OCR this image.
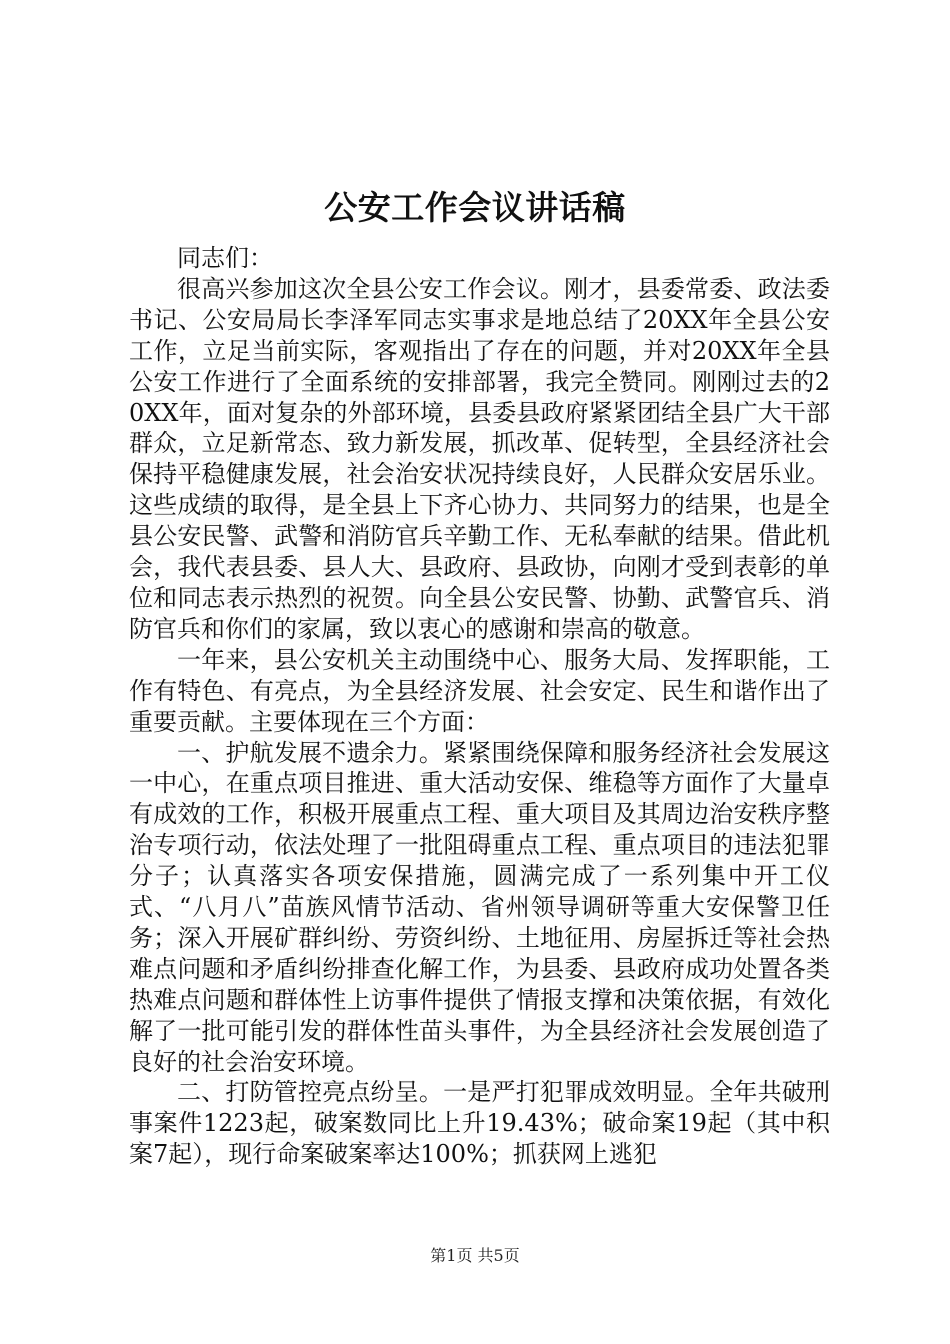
公安工作会议讲话稿

同志们：

很高兴参加这次全县公安工作会议。刚才，县委常委、政法委书记、公安局局长李泽军同志实事求是地总结了20XX年全县公安工作，立足当前实际，客观指出了存在的问题，并对20XX年全县公安工作进行了全面系统的安排部署，我完全赞同。刚刚过去的20XX年，面对复杂的外部环境，县委县政府紧紧团结全县广大干部群众，立足新常态、致力新发展，抓改革、促转型，全县经济社会保持平稳健康发展，社会治安状况持续良好，人民群众安居乐业。这些成绩的取得，是全县上下齐心协力、共同努力的结果，也是全县公安民警、武警和消防官兵辛勤工作、无私奉献的结果。借此机会，我代表县委、县人大、县政府、县政协，向刚才受到表彰的单位和同志表示热烈的祝贺。向全县公安民警、协勤、武警官兵、消防官兵和你们的家属，致以衷心的感谢和崇高的敬意。

一年来，县公安机关主动围绕中心、服务大局、发挥职能，工作有特色、有亮点，为全县经济发展、社会安定、民生和谐作出了重要贡献。主要体现在三个方面：

一、护航发展不遗余力。紧紧围绕保障和服务经济社会发展这一中心，在重点项目推进、重大活动安保、维稳等方面作了大量卓有成效的工作，积极开展重点工程、重大项目及其周边治安秩序整治专项行动，依法处理了一批阻碍重点工程、重点项目的违法犯罪分子；认真落实各项安保措施，圆满完成了一系列集中开工仪式、“八月八”苗族风情节活动、省州领导调研等重大安保警卫任务；深入开展矿群纠纷、劳资纠纷、土地征用、房屋拆迁等社会热难点问题和矛盾纠纷排查化解工作，为县委、县政府成功处置各类热难点问题和群体性上访事件提供了情报支撑和决策依据，有效化解了一批可能引发的群体性苗头事件，为全县经济社会发展创造了良好的社会治安环境。

二、打防管控亮点纷呈。一是严打犯罪成效明显。全年共破刑事案件1223起，破案数同比上升19.43%；破命案19起（其中积案7起），现行命案破案率达100%；抓获网上逃犯

第1页 共5页
